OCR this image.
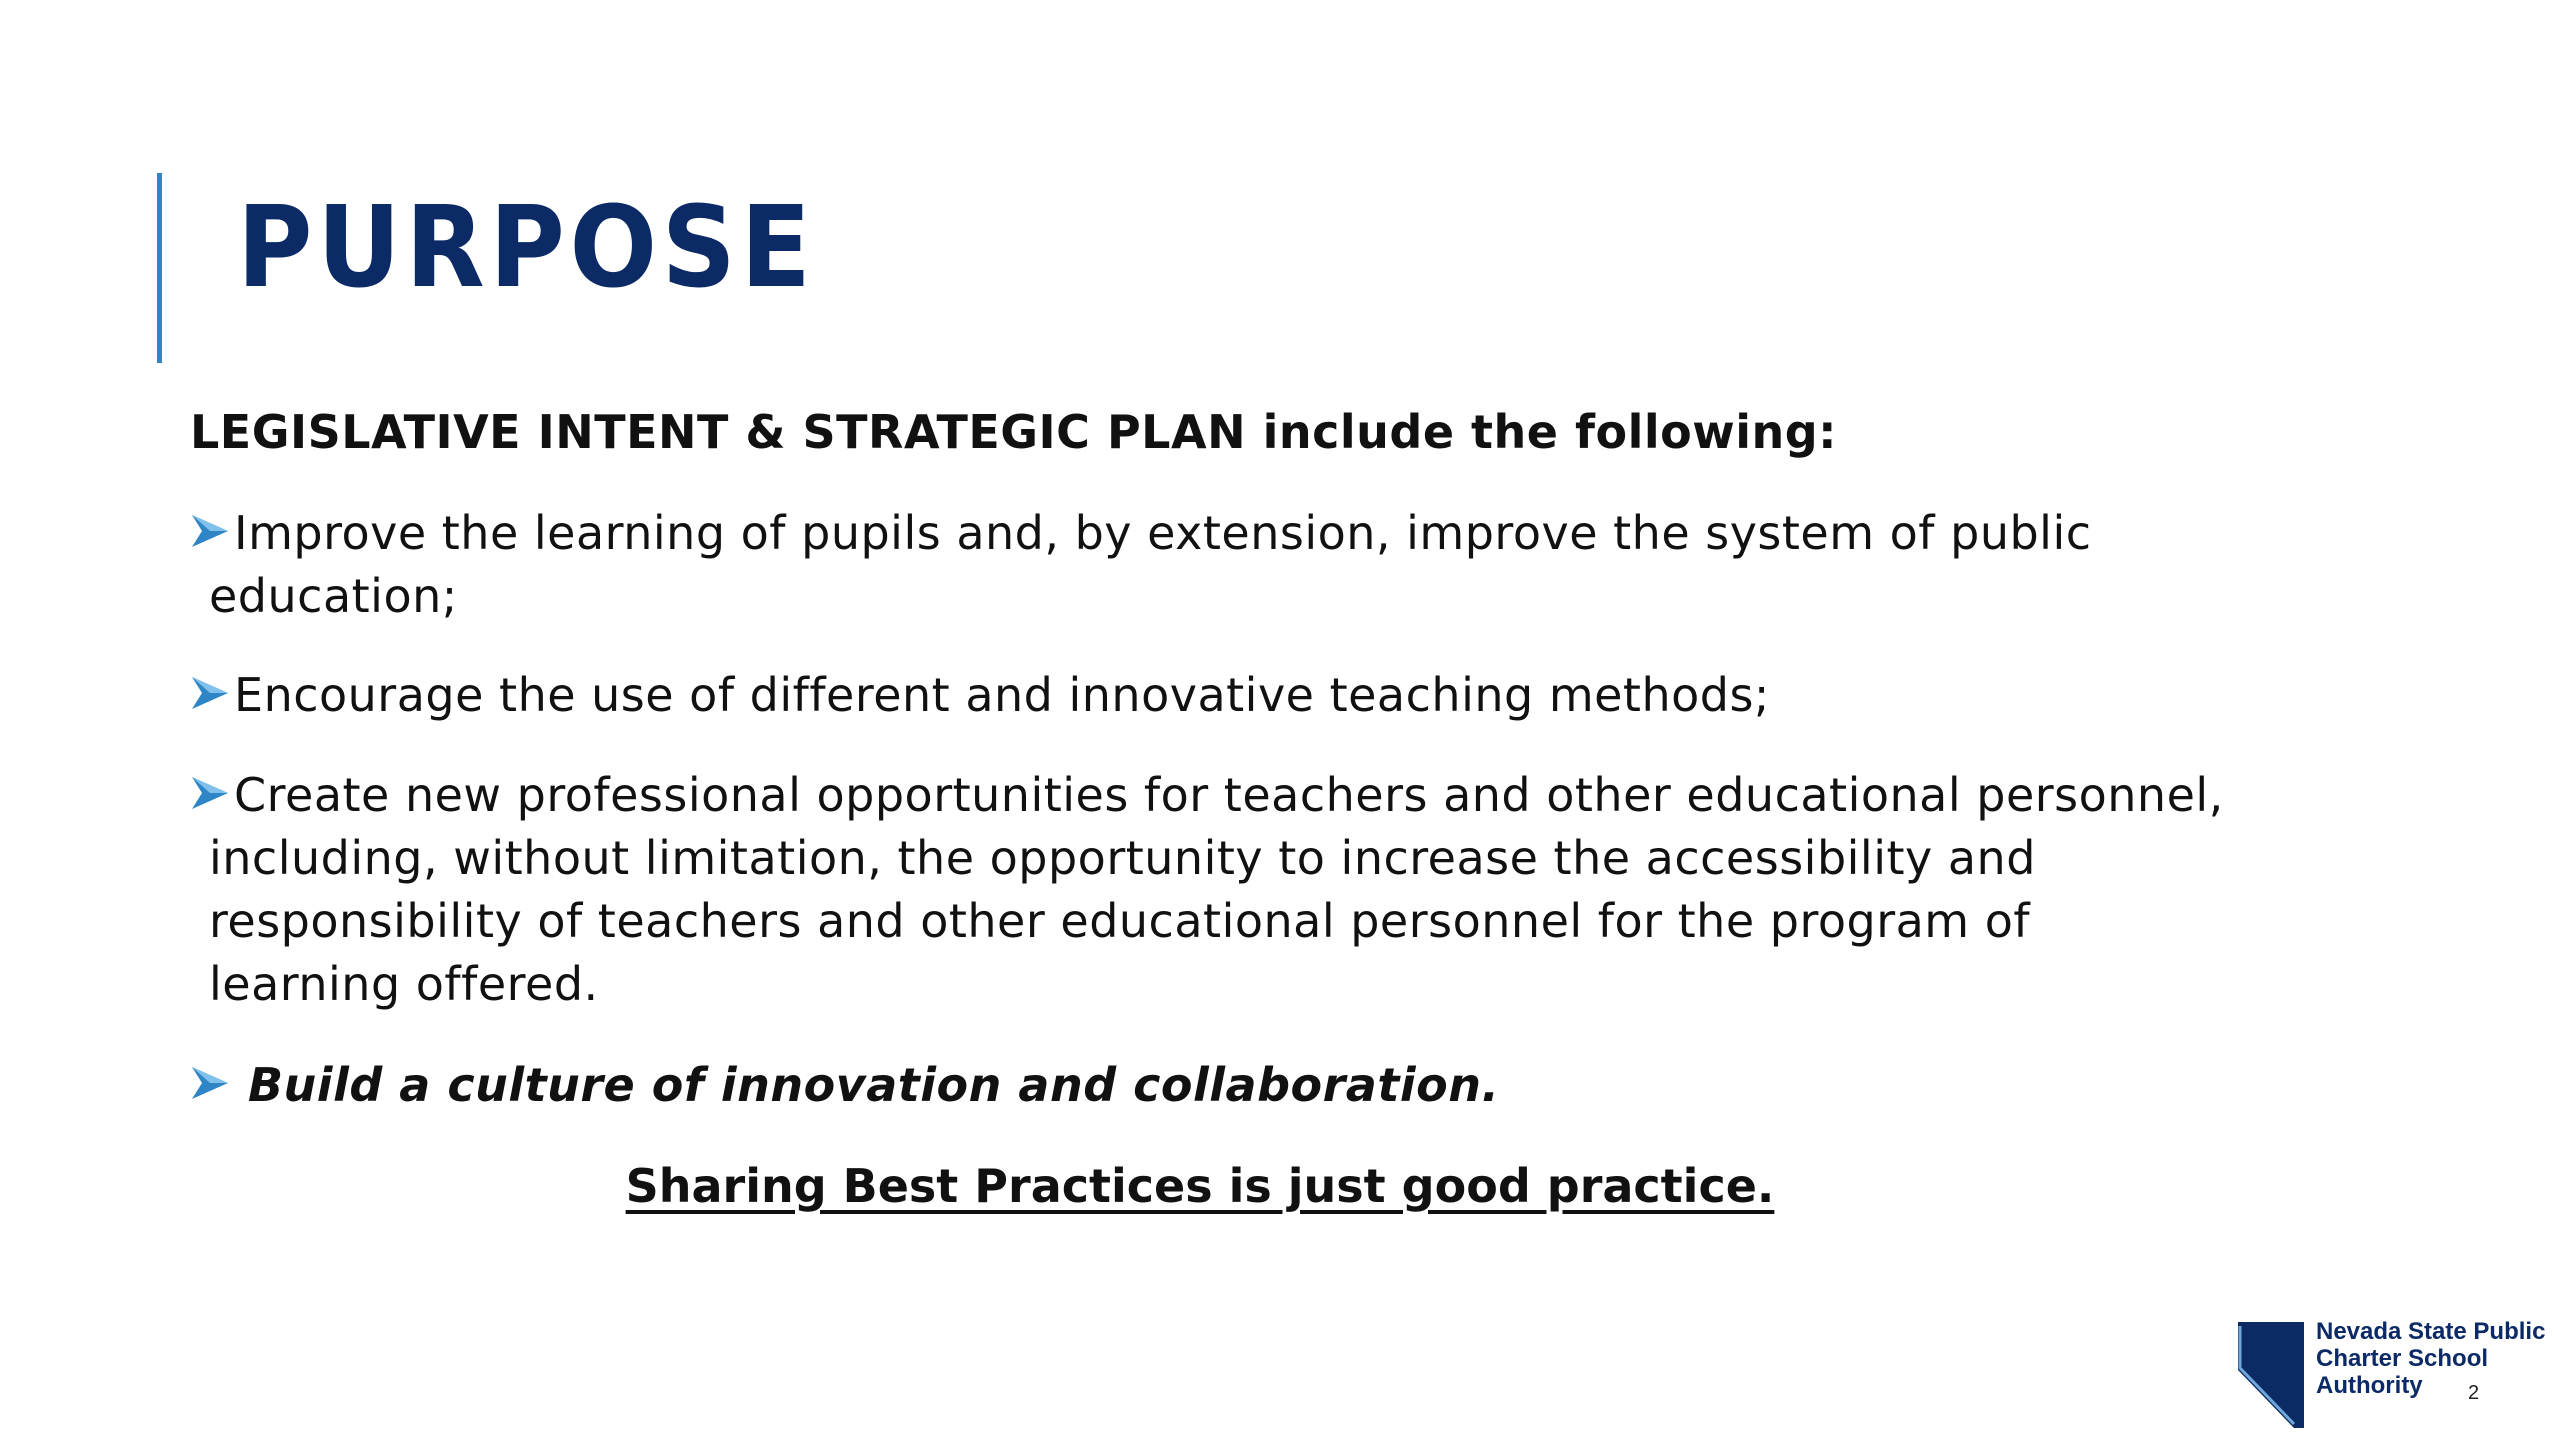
PURPOSE
LEGISLATIVE INTENT & STRATEGIC PLAN include the following:
Improve the learning of pupils and, by extension, improve the system of public
education;
Encourage the use of different and innovative teaching methods;
Create new professional opportunities for teachers and other educational personnel,
including, without limitation, the opportunity to increase the accessibility and
responsibility of teachers and other educational personnel for the program of
learning offered.
Build a culture of innovation and collaboration.
Sharing Best Practices is just good practice.
Nevada State Public
Charter School
Authority	2
